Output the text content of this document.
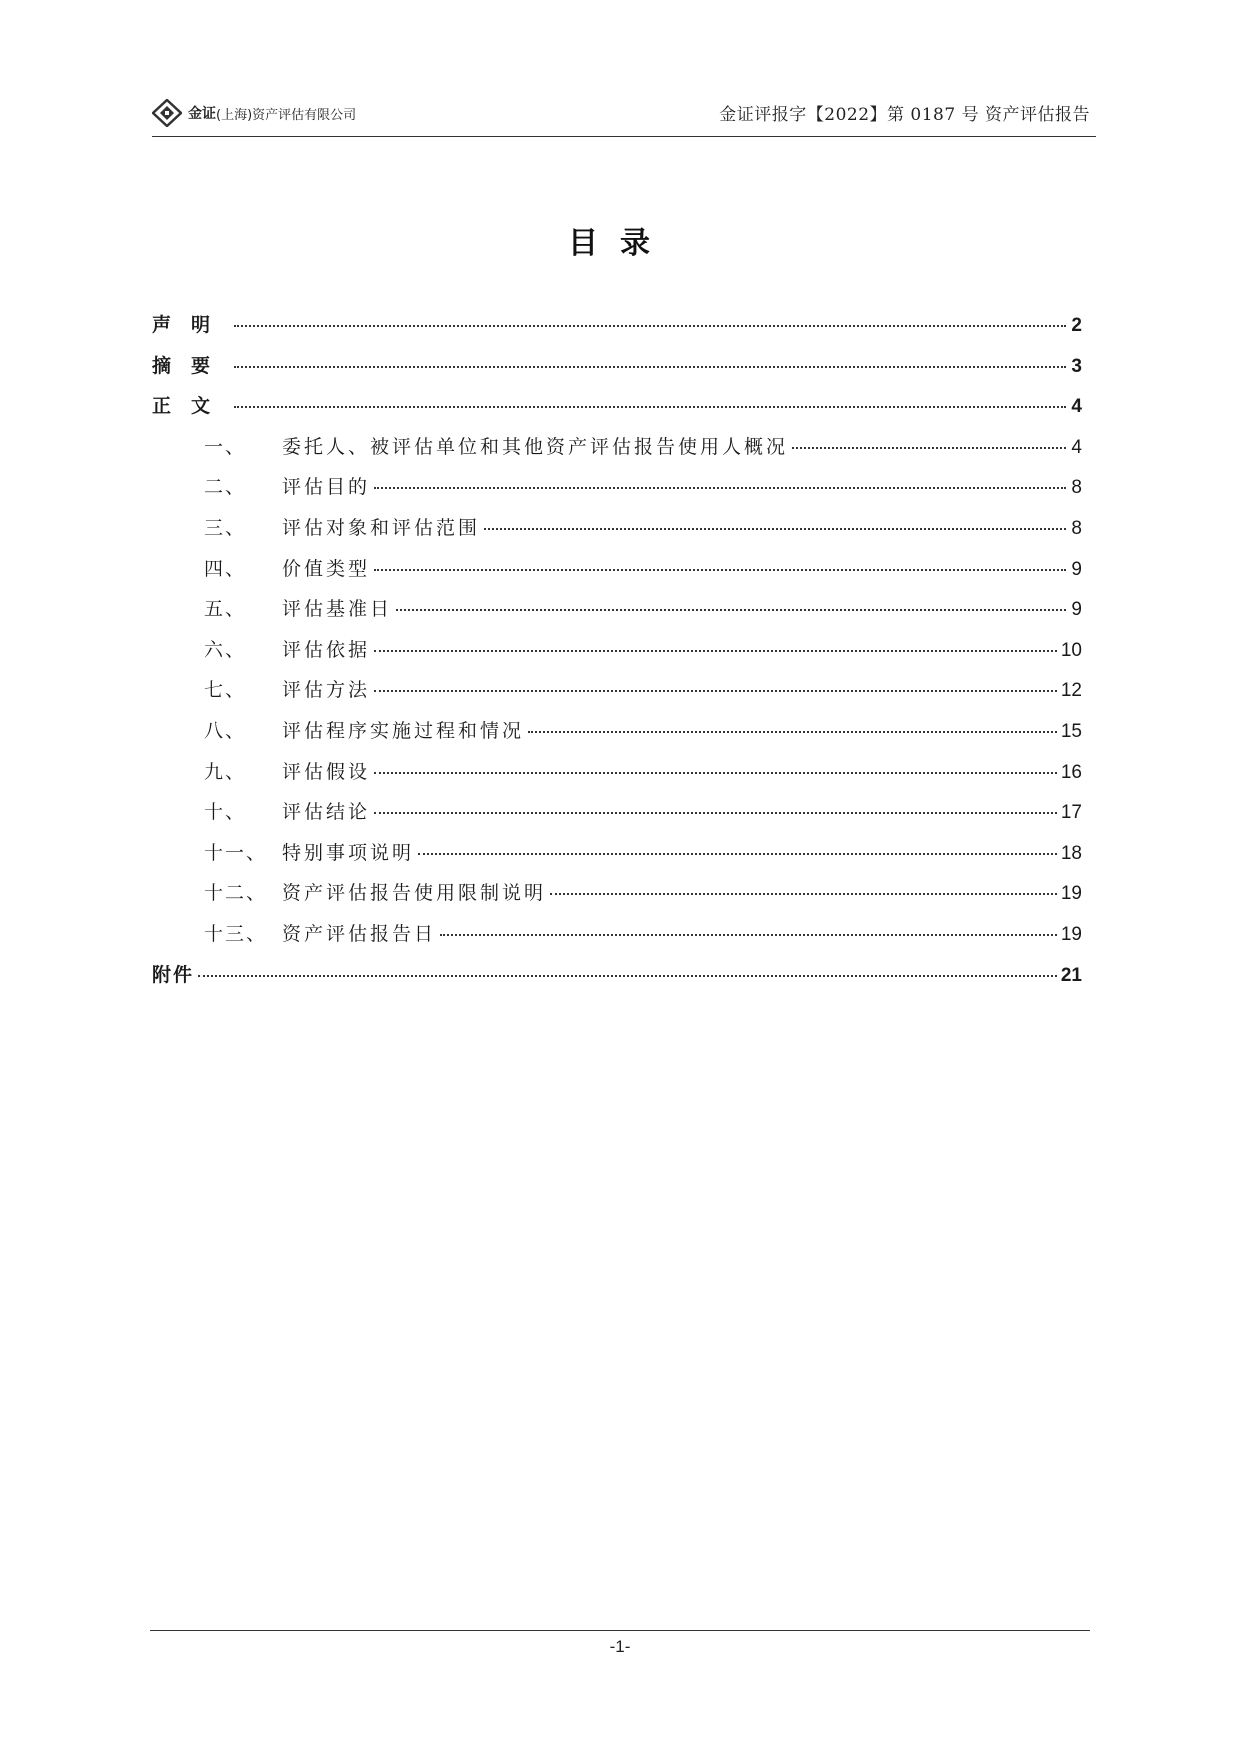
金证 (上海)资产评估有限公司	金证评报字【2022】第 0187 号 资产评估报告
目录
声明	2
摘要	3
正文	4
一、	委托人、被评估单位和其他资产评估报告使用人概况	4
二、	评估目的	8
三、	评估对象和评估范围	8
四、	价值类型	9
五、	评估基准日	9
六、	评估依据	10
七、	评估方法	12
八、	评估程序实施过程和情况	15
九、	评估假设	16
十、	评估结论	17
十一、 特别事项说明	18
十二、 资产评估报告使用限制说明	19
十三、 资产评估报告日	19
附件	21
-1-
